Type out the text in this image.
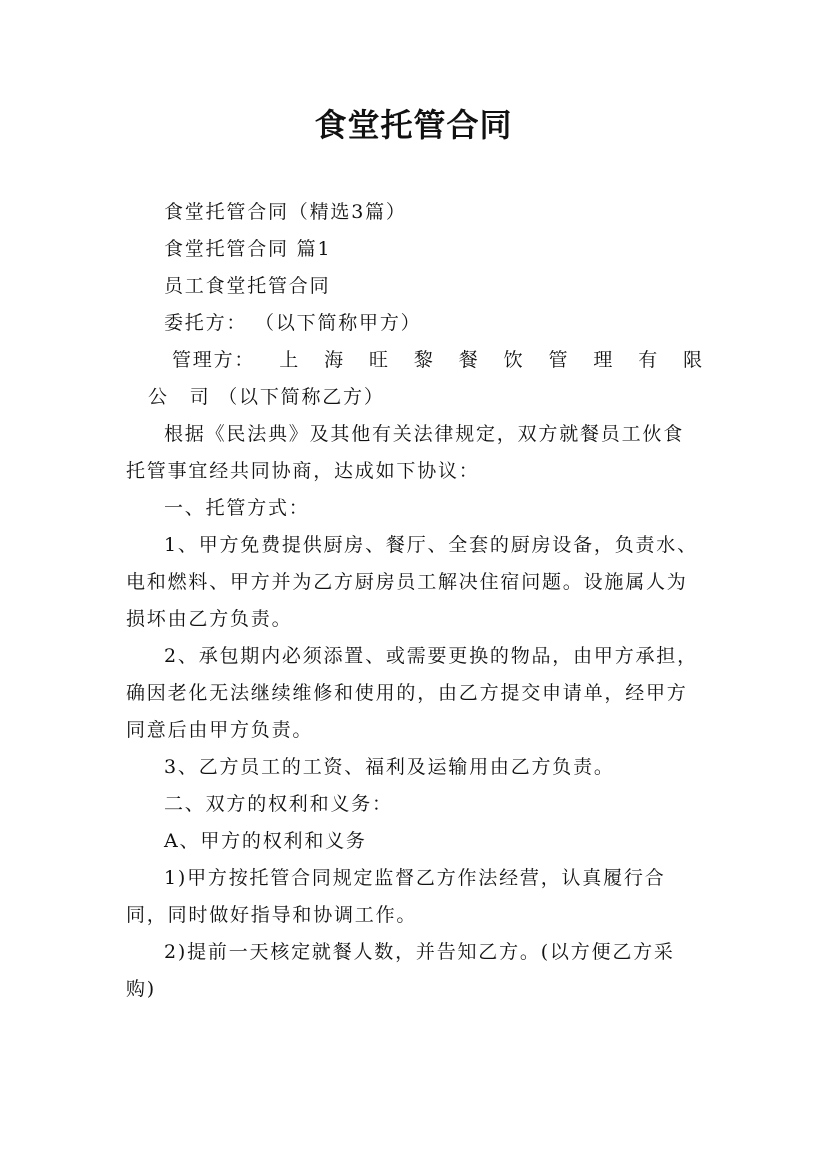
食堂托管合同

食堂托管合同（精选3篇）

食堂托管合同 篇1

员工食堂托管合同

委托方： （以下简称甲方）

管理方： 上 海 旺 黎 餐 饮 管 理 有 限

公　司 （以下简称乙方）

根据《民法典》及其他有关法律规定，双方就餐员工伙食托管事宜经共同协商，达成如下协议：

一、托管方式：

1、甲方免费提供厨房、餐厅、全套的厨房设备，负责水、电和燃料、甲方并为乙方厨房员工解决住宿问题。设施属人为损坏由乙方负责。

2、承包期内必须添置、或需要更换的物品，由甲方承担，确因老化无法继续维修和使用的，由乙方提交申请单，经甲方同意后由甲方负责。

3、乙方员工的工资、福利及运输用由乙方负责。

二、双方的权利和义务：

A、甲方的权利和义务

1)甲方按托管合同规定监督乙方作法经营，认真履行合同，同时做好指导和协调工作。

2)提前一天核定就餐人数，并告知乙方。(以方便乙方采购)
